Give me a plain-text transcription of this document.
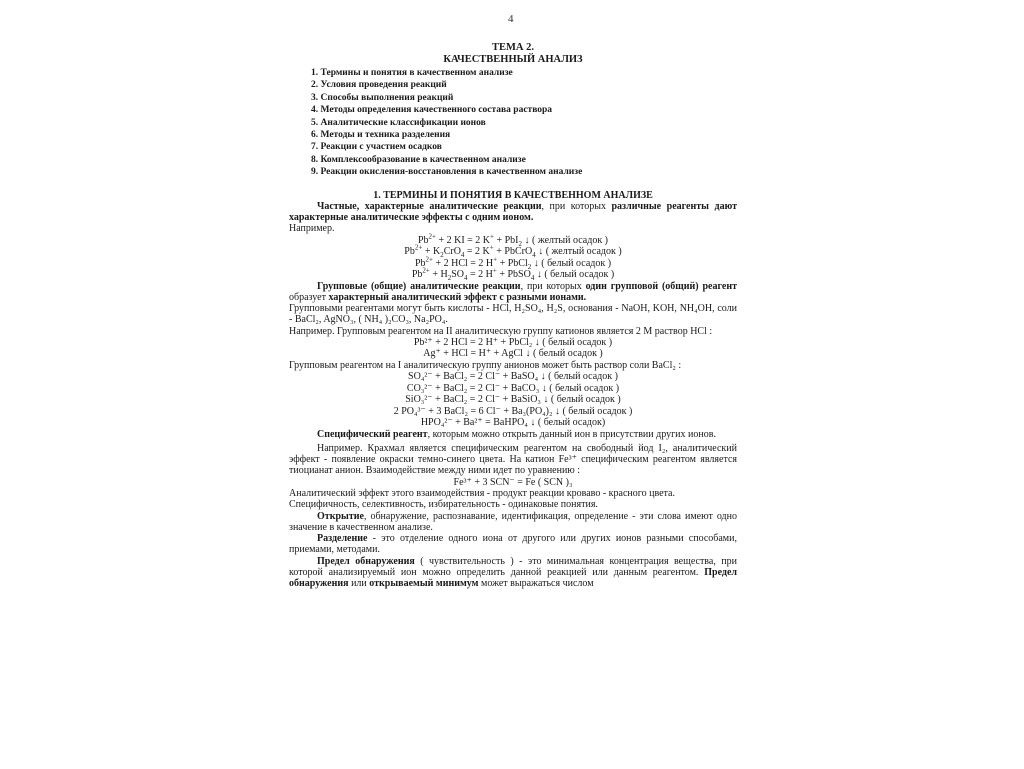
4
ТЕМА 2.
КАЧЕСТВЕННЫЙ АНАЛИЗ
1. Термины и понятия в качественном анализе
2. Условия проведения реакций
3. Способы выполнения реакций
4. Методы определения качественного состава раствора
5. Аналитические классификации ионов
6. Методы и техника разделения
7. Реакции с участием осадков
8. Комплексообразование в качественном анализе
9. Реакции окисления-восстановления в качественном анализе
1. ТЕРМИНЫ И ПОНЯТИЯ В КАЧЕСТВЕННОМ АНАЛИЗЕ

Частные, характерные аналитические реакции, при которых различные реагенты дают характерные аналитические эффекты с одним ионом.

Например.

$Pb^{2+} + 2$ KI = 2 K+ + PbI$_2$ ↓ ( желтый осадок )
$Pb^{2+} + K_2CrO_4 = 2$ K+ + PbCrO$_4$ ↓ ( желтый осадок )
$Pb^{2+} + 2$ HCl = 2 H+ + PbCl$_2$ ↓ ( белый осадок )
$Pb^{2+} + H_2SO_4 = 2$ H+ + PbSO$_4$ ↓ ( белый осадок )

Групповые (общие) аналитические реакции, при которых один групповой (общий) реагент образует характерный аналитический эффект с разными ионами.

Групповыми реагентами могут быть кислоты - HCl, H₂SO₄, H₂S, основания - NaOH, KOH, NH₄OH, соли - BaCl₂, AgNO₃, ( NH₄ )₂CO₃, Na₂PO₄.

Например. Групповым реагентом на II аналитическую группу катионов является 2 М раствор HCl :

Pb²⁺ + 2 HCl = 2 H⁺ + PbCl₂ ↓ ( белый осадок )
Ag⁺ + HCl = H⁺ + AgCl ↓ ( белый осадок )

Групповым реагентом на I аналитическую группу анионов может быть раствор соли BaCl₂ :

SO₄²⁻ + BaCl₂ = 2 Cl⁻ + BaSO₄ ↓ ( белый осадок )
CO₃²⁻ + BaCl₂ = 2 Cl⁻ + BaCO₃ ↓ ( белый осадок )
SiO₃²⁻ + BaCl₂ = 2 Cl⁻ + BaSiO₃ ↓ ( белый осадок )
2 PO₄³⁻ + 3 BaCl₂ = 6 Cl⁻ + Ba₃(PO₄)₂ ↓ ( белый осадок )
HPO₄²⁻ + Ba²⁺ = BaHPO₄ ↓ ( белый осадок)

Специфический реагент, которым можно открыть данный ион в присутствии других ионов.

Например. Крахмал является специфическим реагентом на свободный йод I₂, аналитический эффект - появление окраски темно-синего цвета. На катион Fe³⁺ специфическим реагентом является тиоцианат анион. Взаимодействие между ними идет по уравнению :

Fe³⁺ + 3 SCN⁻ = Fe ( SCN )₃

Аналитический эффект этого взаимодействия - продукт реакции кроваво - красного цвета.

Специфичность, селективность, избирательность - одинаковые понятия.

Открытие, обнаружение, распознавание, идентификация, определение - эти слова имеют одно значение в качественном анализе.

Разделение - это отделение одного иона от другого или других ионов разными способами, приемами, методами.

Предел обнаружения ( чувствительность ) - это минимальная концентрация вещества, при которой анализируемый ион можно определить данной реакцией или данным реагентом. Предел обнаружения или открываемый минимум может выражаться числом
